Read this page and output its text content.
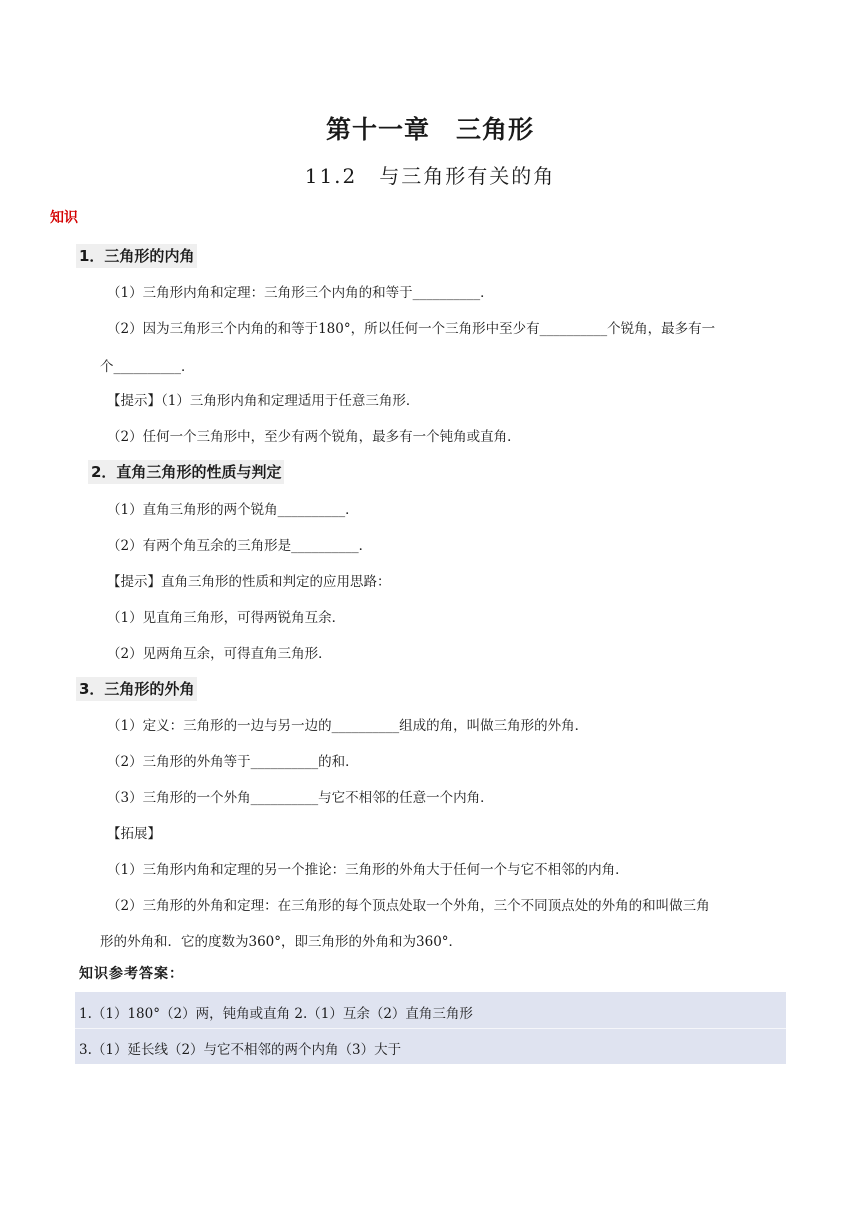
第十一章　三角形
11.2　与三角形有关的角
知识
1．三角形的内角
（1）三角形内角和定理：三角形三个内角的和等于__________．
（2）因为三角形三个内角的和等于180°，所以任何一个三角形中至少有__________个锐角，最多有一
个__________．
【提示】（1）三角形内角和定理适用于任意三角形．
（2）任何一个三角形中，至少有两个锐角，最多有一个钝角或直角．
2．直角三角形的性质与判定
（1）直角三角形的两个锐角__________．
（2）有两个角互余的三角形是__________．
【提示】直角三角形的性质和判定的应用思路：
（1）见直角三角形，可得两锐角互余．
（2）见两角互余，可得直角三角形．
3．三角形的外角
（1）定义：三角形的一边与另一边的__________组成的角，叫做三角形的外角．
（2）三角形的外角等于__________的和．
（3）三角形的一个外角__________与它不相邻的任意一个内角．
【拓展】
（1）三角形内角和定理的另一个推论：三角形的外角大于任何一个与它不相邻的内角．
（2）三角形的外角和定理：在三角形的每个顶点处取一个外角，三个不同顶点处的外角的和叫做三角
形的外角和．它的度数为360°，即三角形的外角和为360°．
知识参考答案：
1.（1）180°（2）两，钝角或直角 2.（1）互余（2）直角三角形
3.（1）延长线（2）与它不相邻的两个内角（3）大于
